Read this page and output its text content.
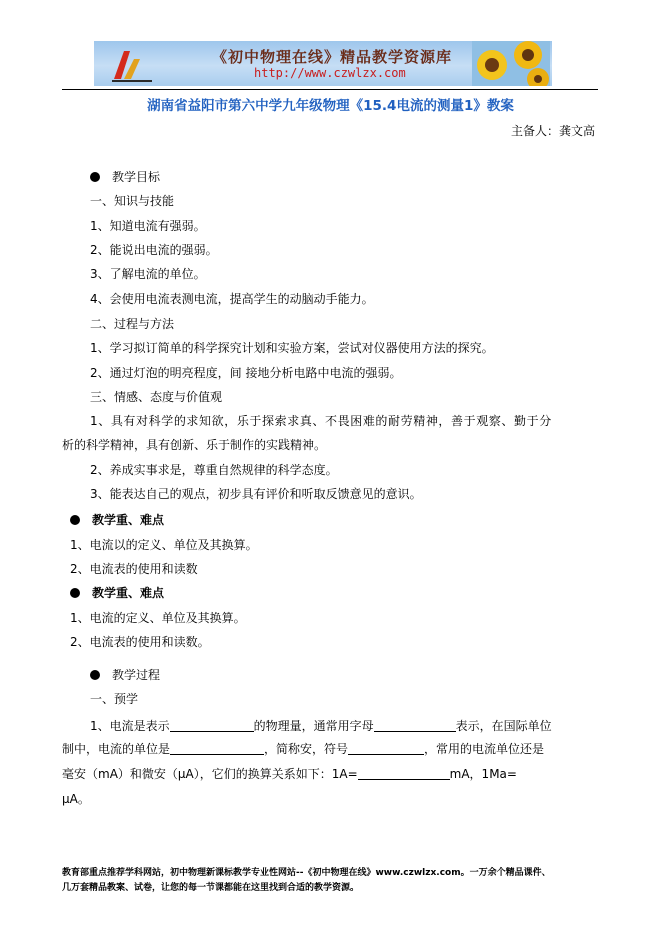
《初中物理在线》精品教学资源库
http://www.czwlzx.com
湖南省益阳市第六中学九年级物理《15.4电流的测量1》教案
主备人：龚文高
教学目标
一、知识与技能
1、知道电流有强弱。
2、能说出电流的强弱。
3、了解电流的单位。
4、会使用电流表测电流，提高学生的动脑动手能力。
二、过程与方法
1、学习拟订简单的科学探究计划和实验方案，尝试对仪器使用方法的探究。
2、通过灯泡的明亮程度，间 接地分析电路中电流的强弱。
三、情感、态度与价值观
1、具有对科学的求知欲，乐于探索求真、不畏困难的耐劳精神，善于观察、勤于分
析的科学精神，具有创新、乐于制作的实践精神。
2、养成实事求是，尊重自然规律的科学态度。
3、能表达自己的观点，初步具有评价和听取反馈意见的意识。
教学重、难点
1、电流以的定义、单位及其换算。
2、电流表的使用和读数
教学重、难点
1、电流的定义、单位及其换算。
2、电流表的使用和读数。
教学过程
一、预学
1、电流是表示	的物理量，通常用字母	表示，在国际单位
制中，电流的单位是	，简称安，符号	，常用的电流单位还是
毫安（mA）和微安（μA），它们的换算关系如下：1A=	mA，1Ma=
μA。
教育部重点推荐学科网站，初中物理新课标教学专业性网站--《初中物理在线》www.czwlzx.com。一万余个精品课件、
几万套精品教案、试卷，让您的每一节课都能在这里找到合适的教学资源。
